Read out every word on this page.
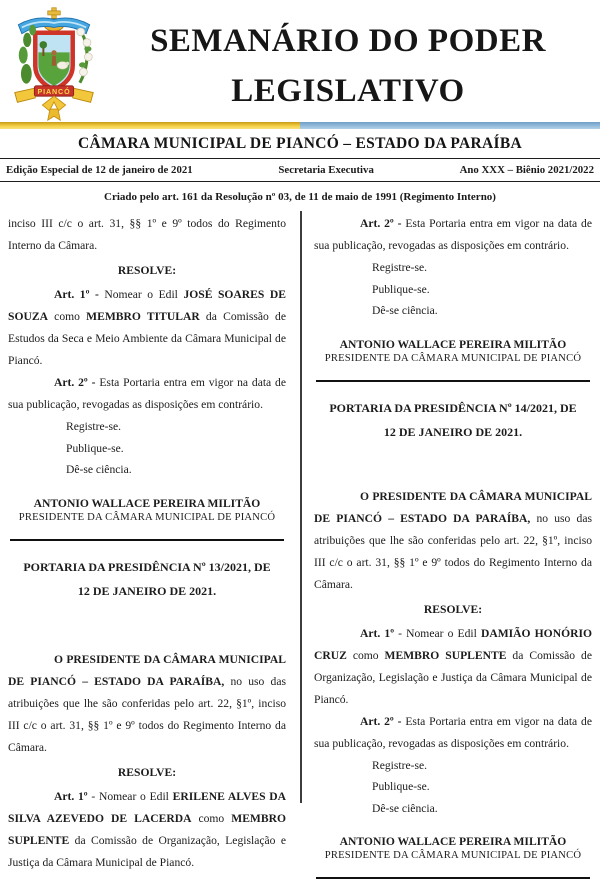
PIANCÓ
SEMANÁRIO DO PODER
LEGISLATIVO
CÂMARA MUNICIPAL DE PIANCÓ – ESTADO DA PARAÍBA
Edição Especial de 12 de janeiro de 2021	Secretaria Executiva	Ano XXX – Biênio 2021/2022
Criado pelo art. 161 da Resolução nº 03, de 11 de maio de 1991 (Regimento Interno)

inciso III c/c o art. 31, §§ 1º e 9º todos do Regimento Interno da Câmara.

RESOLVE:

Art. 1º - Nomear o Edil JOSÉ SOARES DE SOUZA como MEMBRO TITULAR da Comissão de Estudos da Seca e Meio Ambiente da Câmara Municipal de Piancó.

Art. 2º - Esta Portaria entra em vigor na data de sua publicação, revogadas as disposições em contrário.

Registre-se.
Publique-se.
Dê-se ciência.
ANTONIO WALLACE PEREIRA MILITÃO
PRESIDENTE DA CÂMARA MUNICIPAL DE PIANCÓ

PORTARIA DA PRESIDÊNCIA Nº 13/2021, DE 12 DE JANEIRO DE 2021.

O PRESIDENTE DA CÂMARA MUNICIPAL DE PIANCÓ – ESTADO DA PARAÍBA, no uso das atribuições que lhe são conferidas pelo art. 22, §1º, inciso III c/c o art. 31, §§ 1º e 9º todos do Regimento Interno da Câmara.

RESOLVE:

Art. 1º - Nomear o Edil ERILENE ALVES DA SILVA AZEVEDO DE LACERDA como MEMBRO SUPLENTE da Comissão de Organização, Legislação e Justiça da Câmara Municipal de Piancó.

Art. 2º - Esta Portaria entra em vigor na data de sua publicação, revogadas as disposições em contrário.

Registre-se.
Publique-se.
Dê-se ciência.
ANTONIO WALLACE PEREIRA MILITÃO
PRESIDENTE DA CÂMARA MUNICIPAL DE PIANCÓ

PORTARIA DA PRESIDÊNCIA Nº 14/2021, DE 12 DE JANEIRO DE 2021.

O PRESIDENTE DA CÂMARA MUNICIPAL DE PIANCÓ – ESTADO DA PARAÍBA, no uso das atribuições que lhe são conferidas pelo art. 22, §1º, inciso III c/c o art. 31, §§ 1º e 9º todos do Regimento Interno da Câmara.

RESOLVE:

Art. 1º - Nomear o Edil DAMIÃO HONÓRIO CRUZ como MEMBRO SUPLENTE da Comissão de Organização, Legislação e Justiça da Câmara Municipal de Piancó.

Art. 2º - Esta Portaria entra em vigor na data de sua publicação, revogadas as disposições em contrário.

Registre-se.
Publique-se.
Dê-se ciência.
ANTONIO WALLACE PEREIRA MILITÃO
PRESIDENTE DA CÂMARA MUNICIPAL DE PIANCÓ
